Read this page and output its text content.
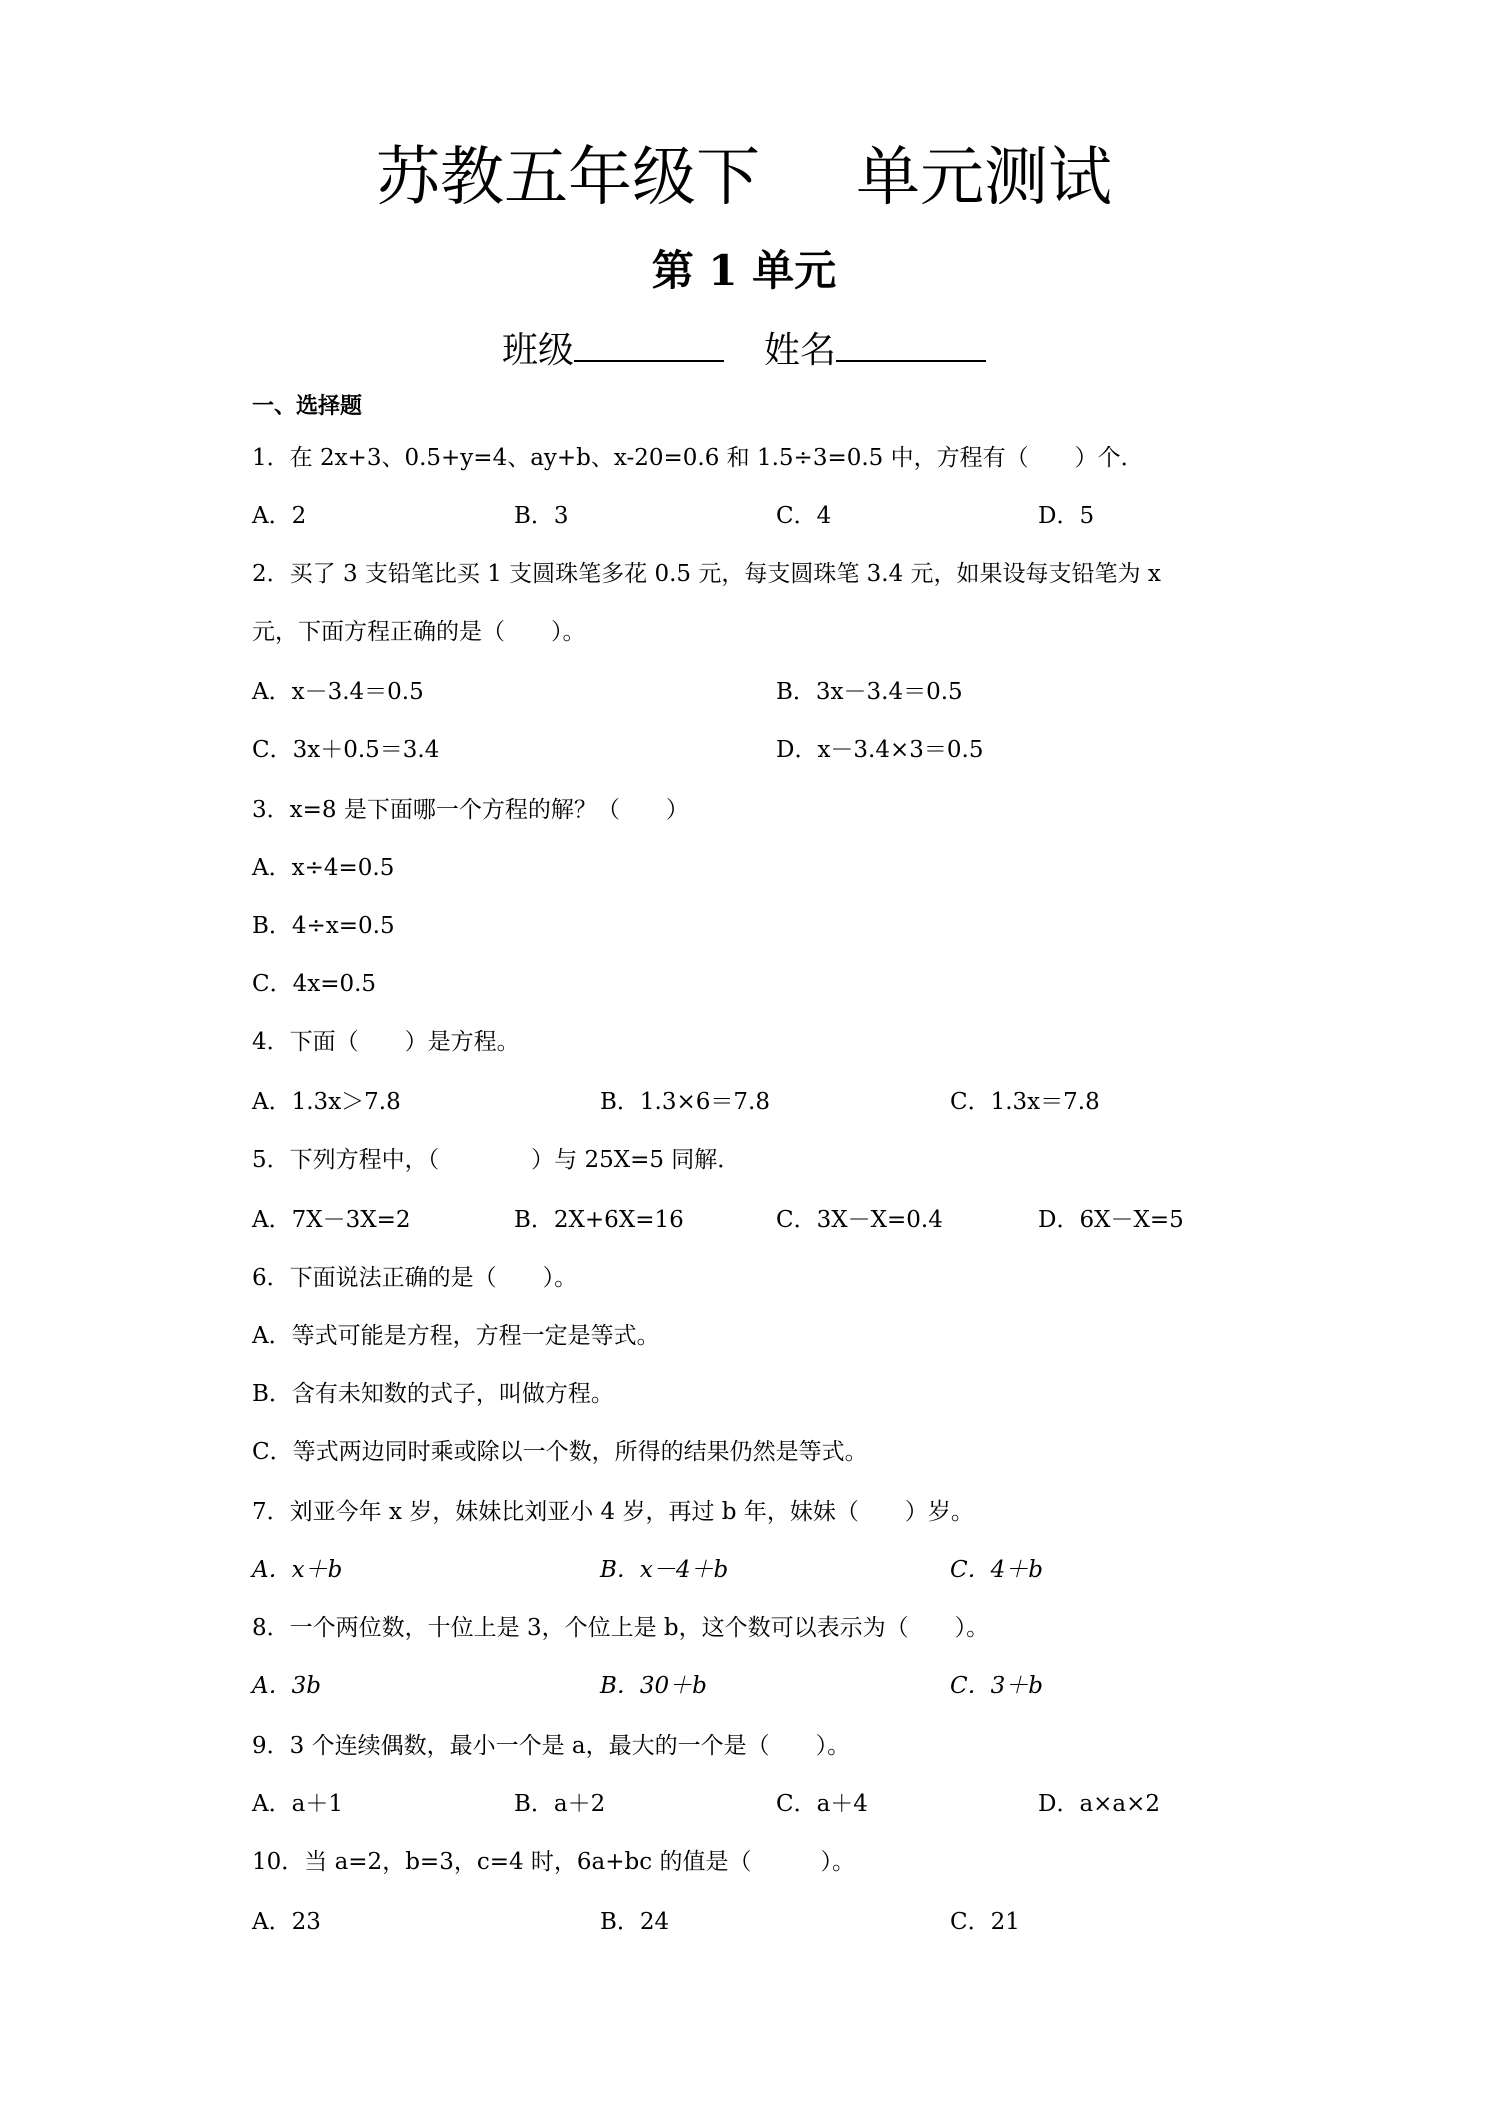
苏教五年级下 单元测试
第 1 单元
班级	姓名
一、选择题
1．在 2x+3、0.5+y=4、ay+b、x-20=0.6 和 1.5÷3=0.5 中，方程有（　　）个．
A．2	B．3	C．4	D．5
2．买了 3 支铅笔比买 1 支圆珠笔多花 0.5 元，每支圆珠笔 3.4 元，如果设每支铅笔为 x
元，下面方程正确的是（　　）。
A．x－3.4＝0.5	B．3x－3.4＝0.5
C．3x＋0.5＝3.4	D．x－3.4×3＝0.5
3．x=8 是下面哪一个方程的解？（　　）
A．x÷4=0.5
B．4÷x=0.5
C．4x=0.5
4．下面（　　）是方程。
A．1.3x＞7.8	B．1.3×6＝7.8	C．1.3x＝7.8
5．下列方程中，（　　　　）与 25X=5 同解．
A．7X－3X=2	B．2X+6X=16	C．3X－X=0.4	D．6X－X=5
6．下面说法正确的是（　　）。
A．等式可能是方程，方程一定是等式。
B．含有未知数的式子，叫做方程。
C．等式两边同时乘或除以一个数，所得的结果仍然是等式。
7．刘亚今年 x 岁，妹妹比刘亚小 4 岁，再过 b 年，妹妹（　　）岁。
A．x＋b	B．x－4＋b	C．4＋b
8．一个两位数，十位上是 3，个位上是 b，这个数可以表示为（　　）。
A．3b	B．30＋b	C．3＋b
9．3 个连续偶数，最小一个是 a，最大的一个是（　　）。
A．a＋1	B．a＋2	C．a＋4	D．a×a×2
10．当 a=2，b=3，c=4 时，6a+bc 的值是（　　　）。
A．23	B．24	C．21
